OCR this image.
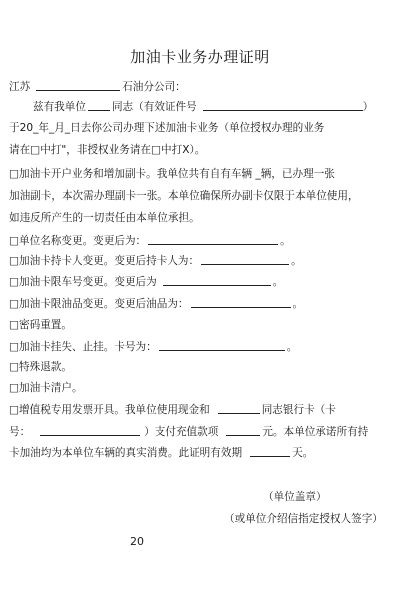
加油卡业务办理证明
江苏	石油分公司：
兹有我单位 同志（有效证件号	）
于20_年_月_日去你公司办理下述加油卡业务（单位授权办理的业务
请在□中打"，非授权业务请在□中打X）。
□加油卡开户业务和增加副卡。我单位共有自有车辆 _辆，已办理一张
加油副卡，本次需办理副卡一张。本单位确保所办副卡仅限于本单位使用，
如违反所产生的一切责任由本单位承担。
□单位名称变更。变更后为：	。
□加油卡持卡人变更。变更后持卡人为：	。
□加油卡限车号变更。变更后为	。
□加油卡限油品变更。变更后油品为：	。
□密码重置。
□加油卡挂失、止挂。卡号为：	。
□特殊退款。
□加油卡清户。
□增值税专用发票开具。我单位使用现金和	同志银行卡（卡
号：	）支付充值款项	元。本单位承诺所有持
卡加油均为本单位车辆的真实消费。此证明有效期	天。
（单位盖章）
（或单位介绍信指定授权人签字）
20
